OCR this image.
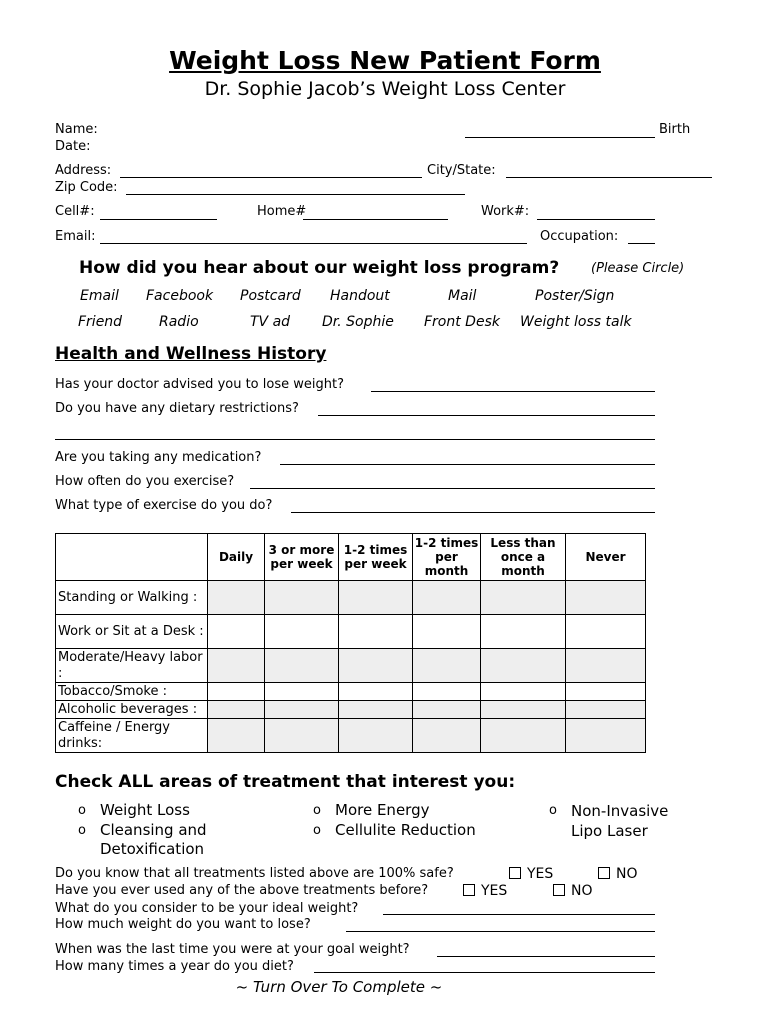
Weight Loss New Patient Form
Dr. Sophie Jacob’s Weight Loss Center
Name:	Birth
Date:
Address:	City/State:
Zip Code:
Cell#:	Home#	Work#:
Email:	Occupation:
How did you hear about our weight loss program? (Please Circle)
Email Facebook Postcard Handout	Mail	Poster/Sign
Friend	Radio	TV ad Dr. Sophie Front Desk Weight loss talk
Health and Wellness History
Has your doctor advised you to lose weight?
Do you have any dietary restrictions?
Are you taking any medication?
How often do you exercise?
What type of exercise do you do?
	Daily	3 or more per week	1-2 times per week	1-2 times per month	Less than once a month	Never
Standing or Walking :						
Work or Sit at a Desk :						
Moderate/Heavy labor :						
Tobacco/Smoke :						
Alcoholic beverages :						
Caffeine / Energy drinks:						
Check ALL areas of treatment that interest you:
o Weight Loss
o Cleansing and Detoxification
o More Energy
o Cellulite Reduction
o Non-Invasive Lipo Laser
Do you know that all treatments listed above are 100% safe?	YES	NO
Have you ever used any of the above treatments before?	YES	NO
What do you consider to be your ideal weight?
How much weight do you want to lose?
When was the last time you were at your goal weight?
How many times a year do you diet?
~ Turn Over To Complete ~
